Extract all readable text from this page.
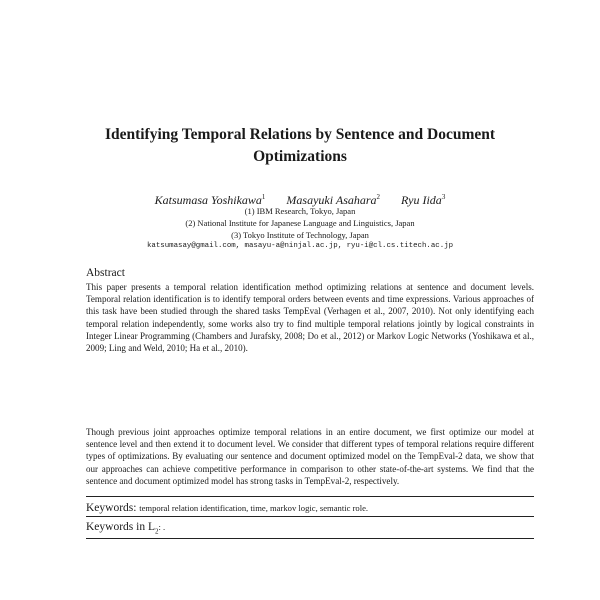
Identifying Temporal Relations by Sentence and Document
Optimizations
Katsumasa Yoshikawa$^1$ Masayuki Asahara$^2$ Ryu Iida$^3$
(1) IBM Research, Tokyo, Japan
(2) National Institute for Japanese Language and Linguistics, Japan
(3) Tokyo Institute of Technology, Japan
katsumasay@gmail.com, masayu-a@ninjal.ac.jp, ryu-i@cl.cs.titech.ac.jp
Abstract

This paper presents a temporal relation identification method optimizing relations at sentence and document levels. Temporal relation identification is to identify temporal orders between events and time expressions. Various approaches of this task have been studied through the shared tasks TempEval (Verhagen et al., 2007, 2010). Not only identifying each temporal relation independently, some works also try to find multiple temporal relations jointly by logical constraints in Integer Linear Programming (Chambers and Jurafsky, 2008; Do et al., 2012) or Markov Logic Networks (Yoshikawa et al., 2009; Ling and Weld, 2010; Ha et al., 2010).

Though previous joint approaches optimize temporal relations in an entire document, we first optimize our model at sentence level and then extend it to document level. We consider that different types of temporal relations require different types of optimizations. By evaluating our sentence and document optimized model on the TempEval-2 data, we show that our approaches can achieve competitive performance in comparison to other state-of-the-art systems. We find that the sentence and document optimized model has strong tasks in TempEval-2, respectively.

Keywords: temporal relation identification, time, markov logic, semantic role.
Keywords in $L_2$: .
